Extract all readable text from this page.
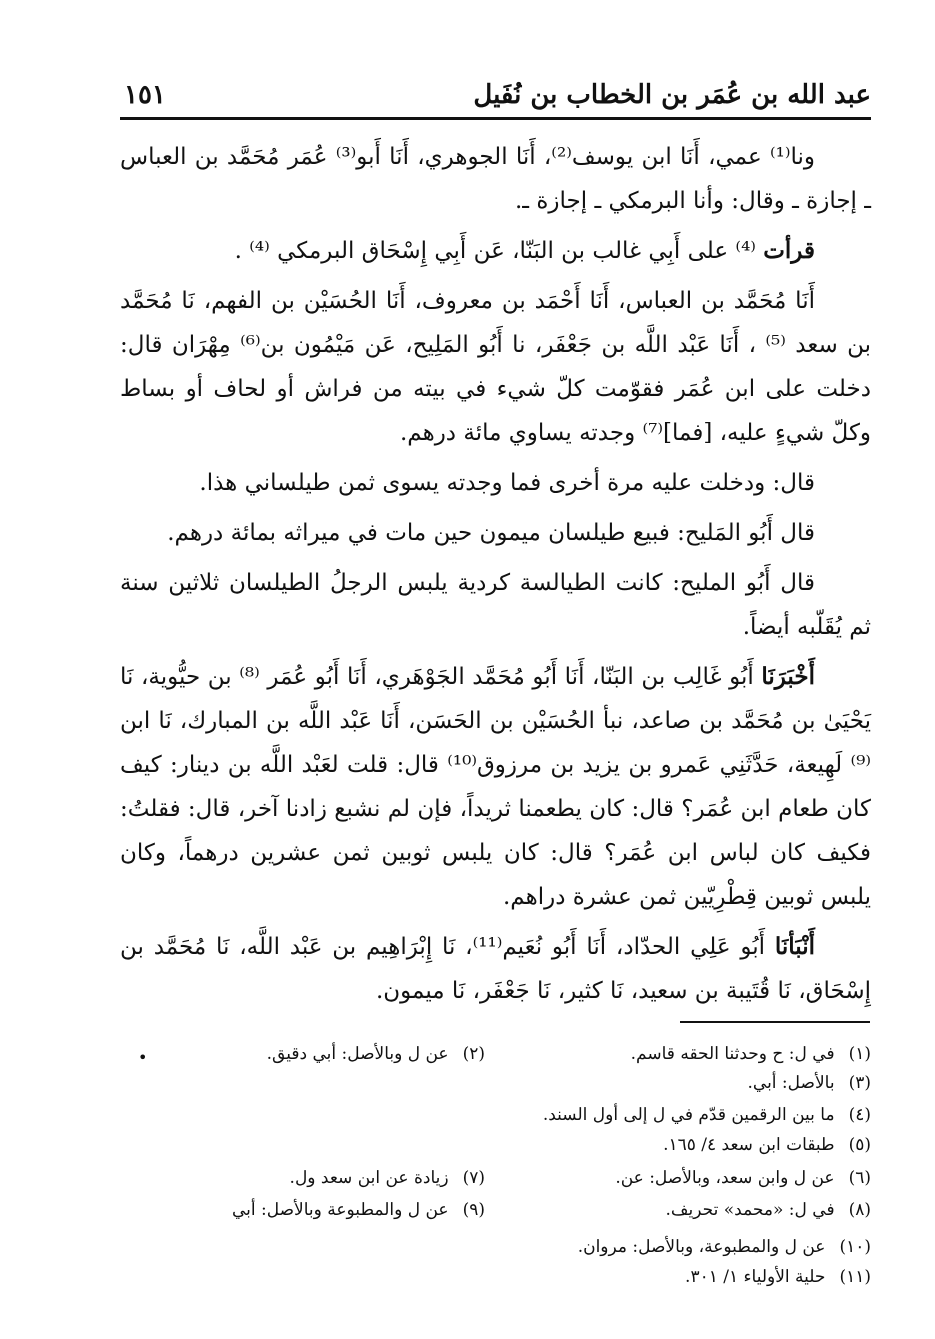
عبد الله بن عُمَر بن الخطاب بن نُفَيل
١٥١

ونا⁽¹⁾ عمي، أَنَا ابن يوسف⁽²⁾، أَنَا الجوهري، أَنَا أَبو⁽³⁾ عُمَر مُحَمَّد بن العباس ـ إجازة ـ وقال: وأنا البرمكي ـ إجازة ـ.

قرأت ⁽⁴⁾ على أَبِي غالب بن البَنّا، عَن أَبِي إِسْحَاق البرمكي ⁽⁴⁾ .

أَنَا مُحَمَّد بن العباس، أَنَا أَحْمَد بن معروف، أَنَا الحُسَيْن بن الفهم، نَا مُحَمَّد بن سعد ⁽⁵⁾ ، أَنَا عَبْد اللَّه بن جَعْفَر، نا أَبُو المَلِيح، عَن مَيْمُون بن⁽⁶⁾ مِهْرَان قال: دخلت على ابن عُمَر فقوّمت كلّ شيء في بيته من فراش أو لحاف أو بساط وكلّ شيءٍ عليه، [فما]⁽⁷⁾ وجدته يساوي مائة درهم.

قال: ودخلت عليه مرة أخرى فما وجدته يسوى ثمن طيلساني هذا.

قال أَبُو المَليح: فبيع طيلسان ميمون حين مات في ميراثه بمائة درهم.

قال أَبُو المليح: كانت الطيالسة كردية يلبس الرجلُ الطيلسان ثلاثين سنة ثم يُقَلّبه أيضاً.

أَخْبَرَنَا أَبُو غَالِب بن البَنّا، أَنَا أَبُو مُحَمَّد الجَوْهَري، أَنَا أَبُو عُمَر ⁽⁸⁾ بن حيُّوية، نَا يَحْيَىٰ بن مُحَمَّد بن صاعد، نبأ الحُسَيْن بن الحَسَن، أَنَا عَبْد اللَّه بن المبارك، نَا ابن ⁽⁹⁾ لَهِيعة، حَدَّثَنِي عَمرو بن يزيد بن مرزوق⁽¹⁰⁾ قال: قلت لعَبْد اللَّه بن دينار: كيف كان طعام ابن عُمَر؟ قال: كان يطعمنا ثريداً، فإن لم نشبع زادنا آخر، قال: فقلتُ: فكيف كان لباس ابن عُمَر؟ قال: كان يلبس ثوبين ثمن عشرين درهماً، وكان يلبس ثوبين قِطْرِيّين ثمن عشرة دراهم.

أَنْبَأنَا أَبُو عَلِي الحدّاد، أَنَا أَبُو نُعَيم⁽¹¹⁾، نَا إِبْرَاهِيم بن عَبْد اللَّه، نَا مُحَمَّد بن إِسْحَاق، نَا قُتَيبة بن سعيد، نَا كثير، نَا جَعْفَر، نَا ميمون.

•	(١)في ل: ح وحدثنا الحقه قاسم.
(٢)عن ل وبالأصل: أبي دقيق.
(٣)بالأصل: أبي.
(٤)ما بين الرقمين قدّم في ل إلى أول السند.
(٥)طبقات ابن سعد ٤/ ١٦٥.
(٦)عن ل وابن سعد، وبالأصل: عن.
(٧)زيادة عن ابن سعد ول.
(٨)في ل: «محمد» تحريف.
(٩)عن ل والمطبوعة وبالأصل: أبي
(١٠)عن ل والمطبوعة، وبالأصل: مروان.
(١١)حلية الأولياء ١/ ٣٠١.
